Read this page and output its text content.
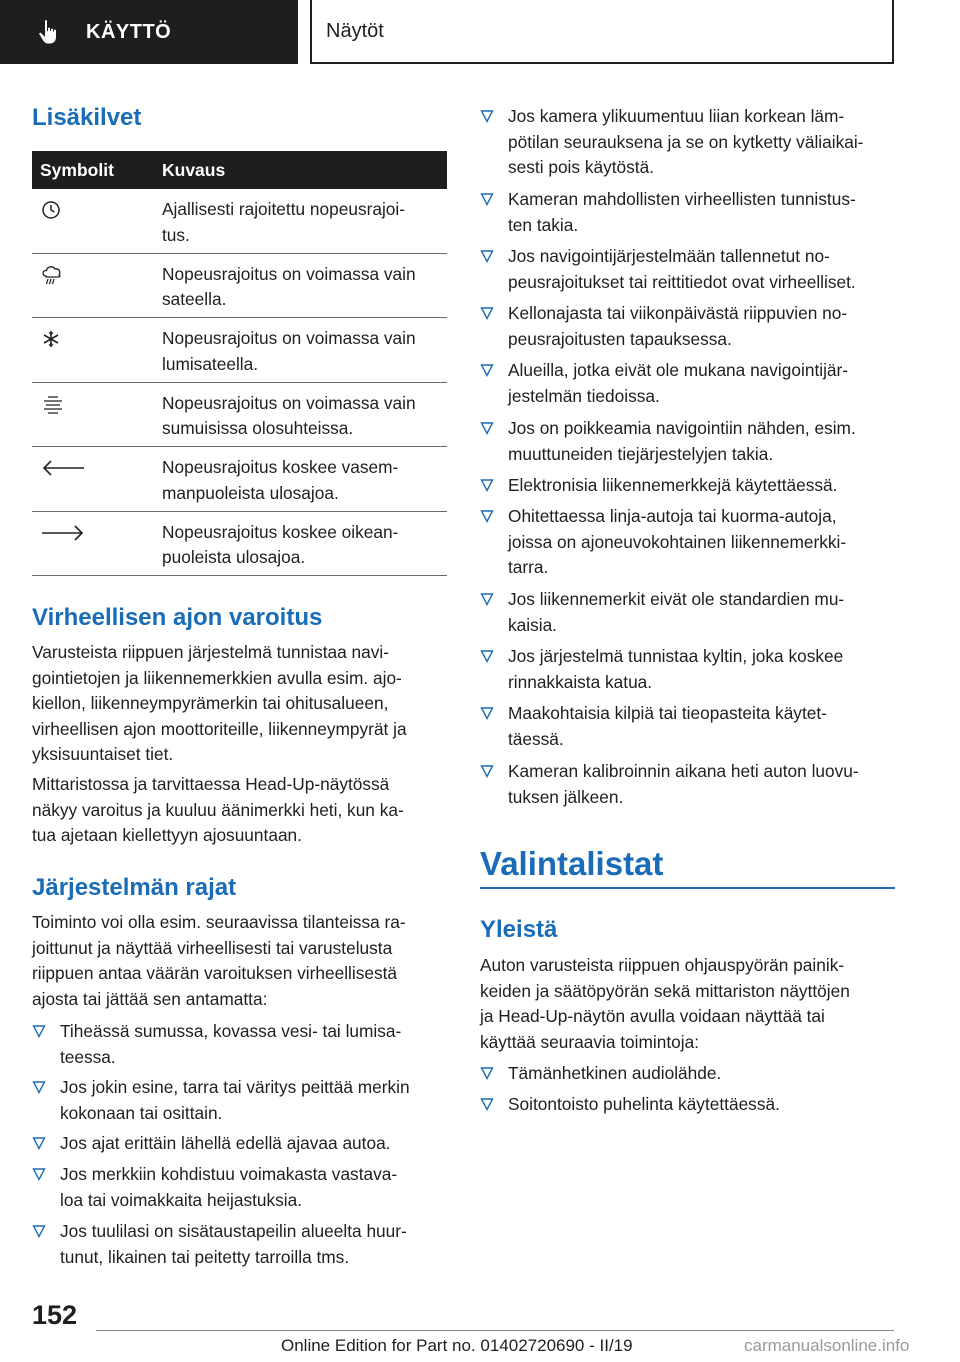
KÄYTTÖ	Näytöt
Lisäkilvet
Symbolit	Kuvaus
Ajallisesti rajoitettu nopeusrajoi-
tus.
Nopeusrajoitus on voimassa vain
sateella.
Nopeusrajoitus on voimassa vain
lumisateella.
Nopeusrajoitus on voimassa vain
sumuisissa olosuhteissa.
Nopeusrajoitus koskee vasem-
manpuoleista ulosajoa.
Nopeusrajoitus koskee oikean-
puoleista ulosajoa.
Virheellisen ajon varoitus
Varusteista riippuen järjestelmä tunnistaa navi-
gointietojen ja liikennemerkkien avulla esim. ajo-
kiellon, liikenneympyrämerkin tai ohitusalueen,
virheellisen ajon moottoriteille, liikenneympyrät ja
yksisuuntaiset tiet.
Mittaristossa ja tarvittaessa Head-Up-näytössä
näkyy varoitus ja kuuluu äänimerkki heti, kun ka-
tua ajetaan kiellettyyn ajosuuntaan.
Järjestelmän rajat
Toiminto voi olla esim. seuraavissa tilanteissa ra-
joittunut ja näyttää virheellisesti tai varustelusta
riippuen antaa väärän varoituksen virheellisestä
ajosta tai jättää sen antamatta:
Tiheässä sumussa, kovassa vesi- tai lumisa-
teessa.
Jos jokin esine, tarra tai väritys peittää merkin
kokonaan tai osittain.
Jos ajat erittäin lähellä edellä ajavaa autoa.
Jos merkkiin kohdistuu voimakasta vastava-
loa tai voimakkaita heijastuksia.
Jos tuulilasi on sisätaustapeilin alueelta huur-
tunut, likainen tai peitetty tarroilla tms.
Jos kamera ylikuumentuu liian korkean läm-
pötilan seurauksena ja se on kytketty väliaikai-
sesti pois käytöstä.
Kameran mahdollisten virheellisten tunnistus-
ten takia.
Jos navigointijärjestelmään tallennetut no-
peusrajoitukset tai reittitiedot ovat virheelliset.
Kellonajasta tai viikonpäivästä riippuvien no-
peusrajoitusten tapauksessa.
Alueilla, jotka eivät ole mukana navigointijär-
jestelmän tiedoissa.
Jos on poikkeamia navigointiin nähden, esim.
muuttuneiden tiejärjestelyjen takia.
Elektronisia liikennemerkkejä käytettäessä.
Ohitettaessa linja-autoja tai kuorma-autoja,
joissa on ajoneuvokohtainen liikennemerkki-
tarra.
Jos liikennemerkit eivät ole standardien mu-
kaisia.
Jos järjestelmä tunnistaa kyltin, joka koskee
rinnakkaista katua.
Maakohtaisia kilpiä tai tieopasteita käytet-
täessä.
Kameran kalibroinnin aikana heti auton luovu-
tuksen jälkeen.
Valintalistat
Yleistä
Auton varusteista riippuen ohjauspyörän painik-
keiden ja säätöpyörän sekä mittariston näyttöjen
ja Head-Up-näytön avulla voidaan näyttää tai
käyttää seuraavia toimintoja:
Tämänhetkinen audiolähde.
Soitontoisto puhelinta käytettäessä.
152
Online Edition for Part no. 01402720690 - II/19	carmanualsonline.info
